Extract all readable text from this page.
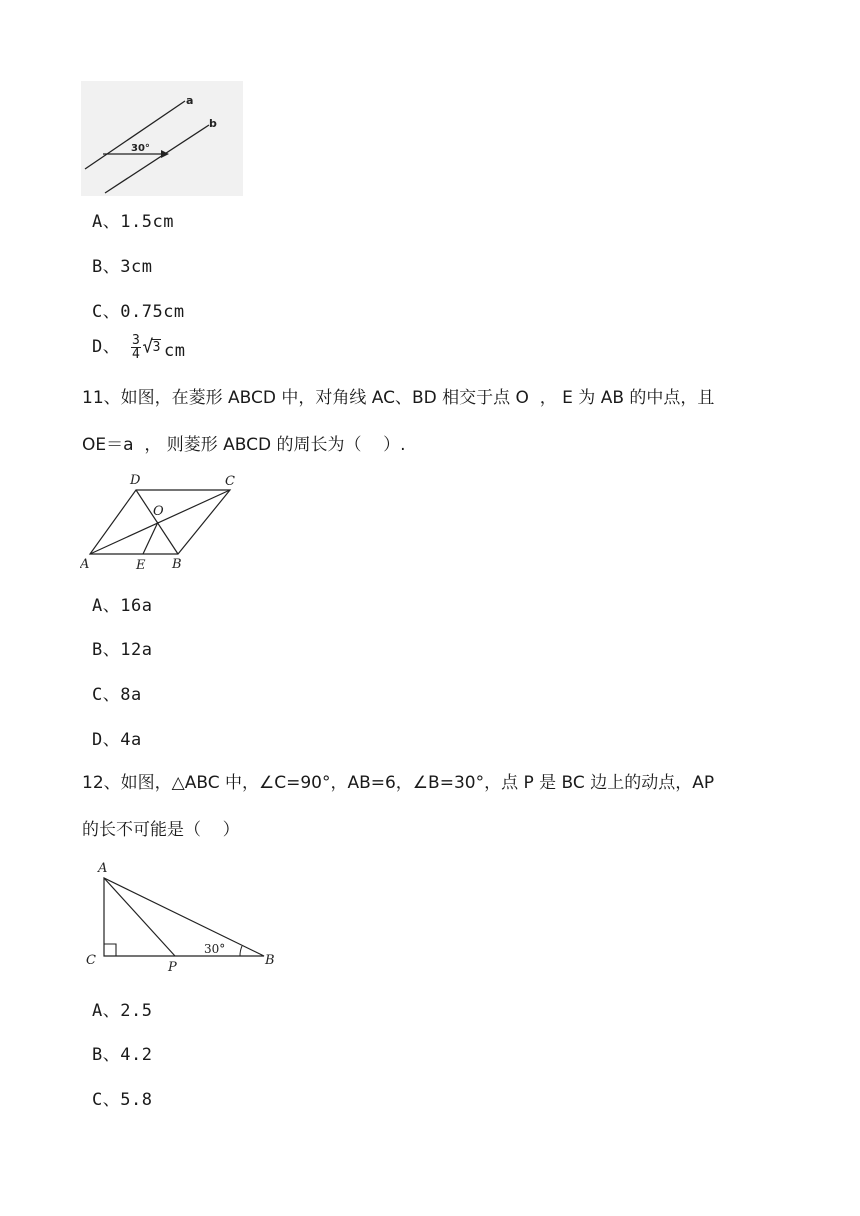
a
b
30°
A、1.5cm
B、3cm
C、0.75cm
D、 $\frac{3}{4} √3$ cm
11、如图，在菱形 ABCD 中，对角线 AC、BD 相交于点 O  ， E 为 AB 的中点，且
OE＝a  ， 则菱形 ABCD 的周长为（    ）.
A	B
C
D
O
E
A、16a
B、12a
C、8a
D、4a
12、如图，△ABC 中，∠C=90°，AB=6，∠B=30°，点 P 是 BC 边上的动点，AP
的长不可能是（    ）
A
C	P	B
30°
A、2.5
B、4.2
C、5.8
